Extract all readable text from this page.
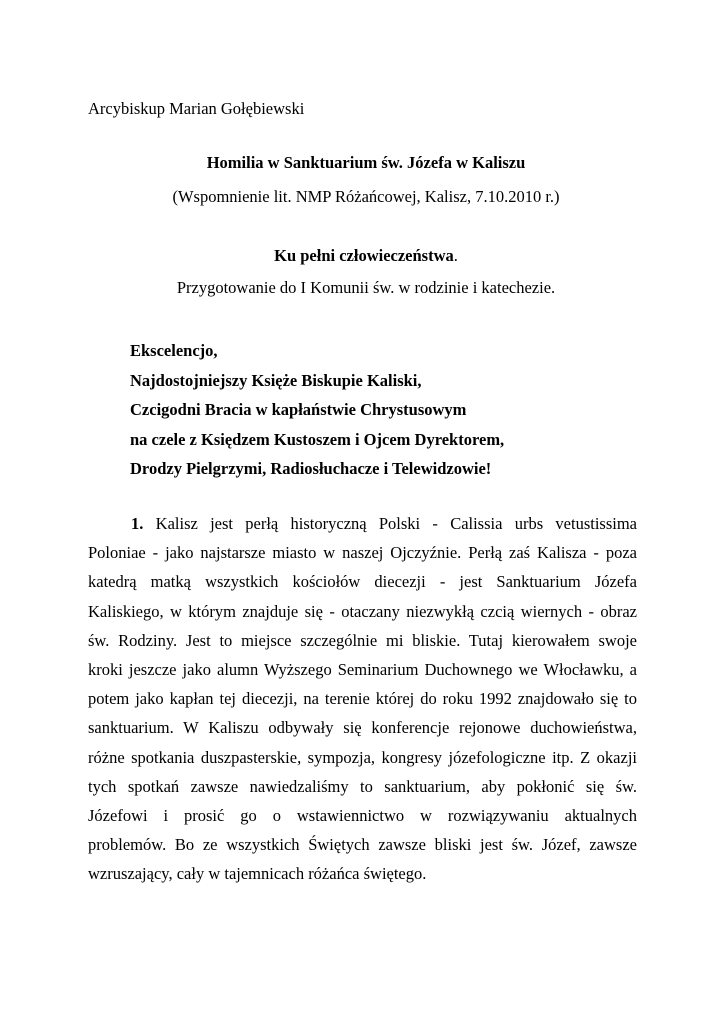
Arcybiskup Marian Gołębiewski
Homilia w Sanktuarium św. Józefa w Kaliszu
(Wspomnienie lit. NMP Różańcowej, Kalisz, 7.10.2010 r.)
Ku pełni człowieczeństwa.
Przygotowanie do I Komunii św. w rodzinie i katechezie.
Ekscelencjo,
Najdostojniejszy Księże Biskupie Kaliski,
Czcigodni Bracia w kapłaństwie Chrystusowym
na czele z Księdzem Kustoszem i Ojcem Dyrektorem,
Drodzy Pielgrzymi, Radiosłuchacze i Telewidzowie!
1. Kalisz jest perłą historyczną Polski - Calissia urbs vetustissima
Poloniae - jako najstarsze miasto w naszej Ojczyźnie. Perłą zaś Kalisza - poza
katedrą matką wszystkich kościołów diecezji - jest Sanktuarium Józefa
Kaliskiego, w którym znajduje się - otaczany niezwykłą czcią wiernych - obraz
św. Rodziny. Jest to miejsce szczególnie mi bliskie. Tutaj kierowałem swoje
kroki jeszcze jako alumn Wyższego Seminarium Duchownego we Włocławku, a
potem jako kapłan tej diecezji, na terenie której do roku 1992 znajdowało się to
sanktuarium. W Kaliszu odbywały się konferencje rejonowe duchowieństwa,
różne spotkania duszpasterskie, sympozja, kongresy józefologiczne itp. Z okazji
tych spotkań zawsze nawiedzaliśmy to sanktuarium, aby pokłonić się św.
Józefowi i prosić go o wstawiennictwo w rozwiązywaniu aktualnych
problemów. Bo ze wszystkich Świętych zawsze bliski jest św. Józef, zawsze
wzruszający, cały w tajemnicach różańca świętego.
